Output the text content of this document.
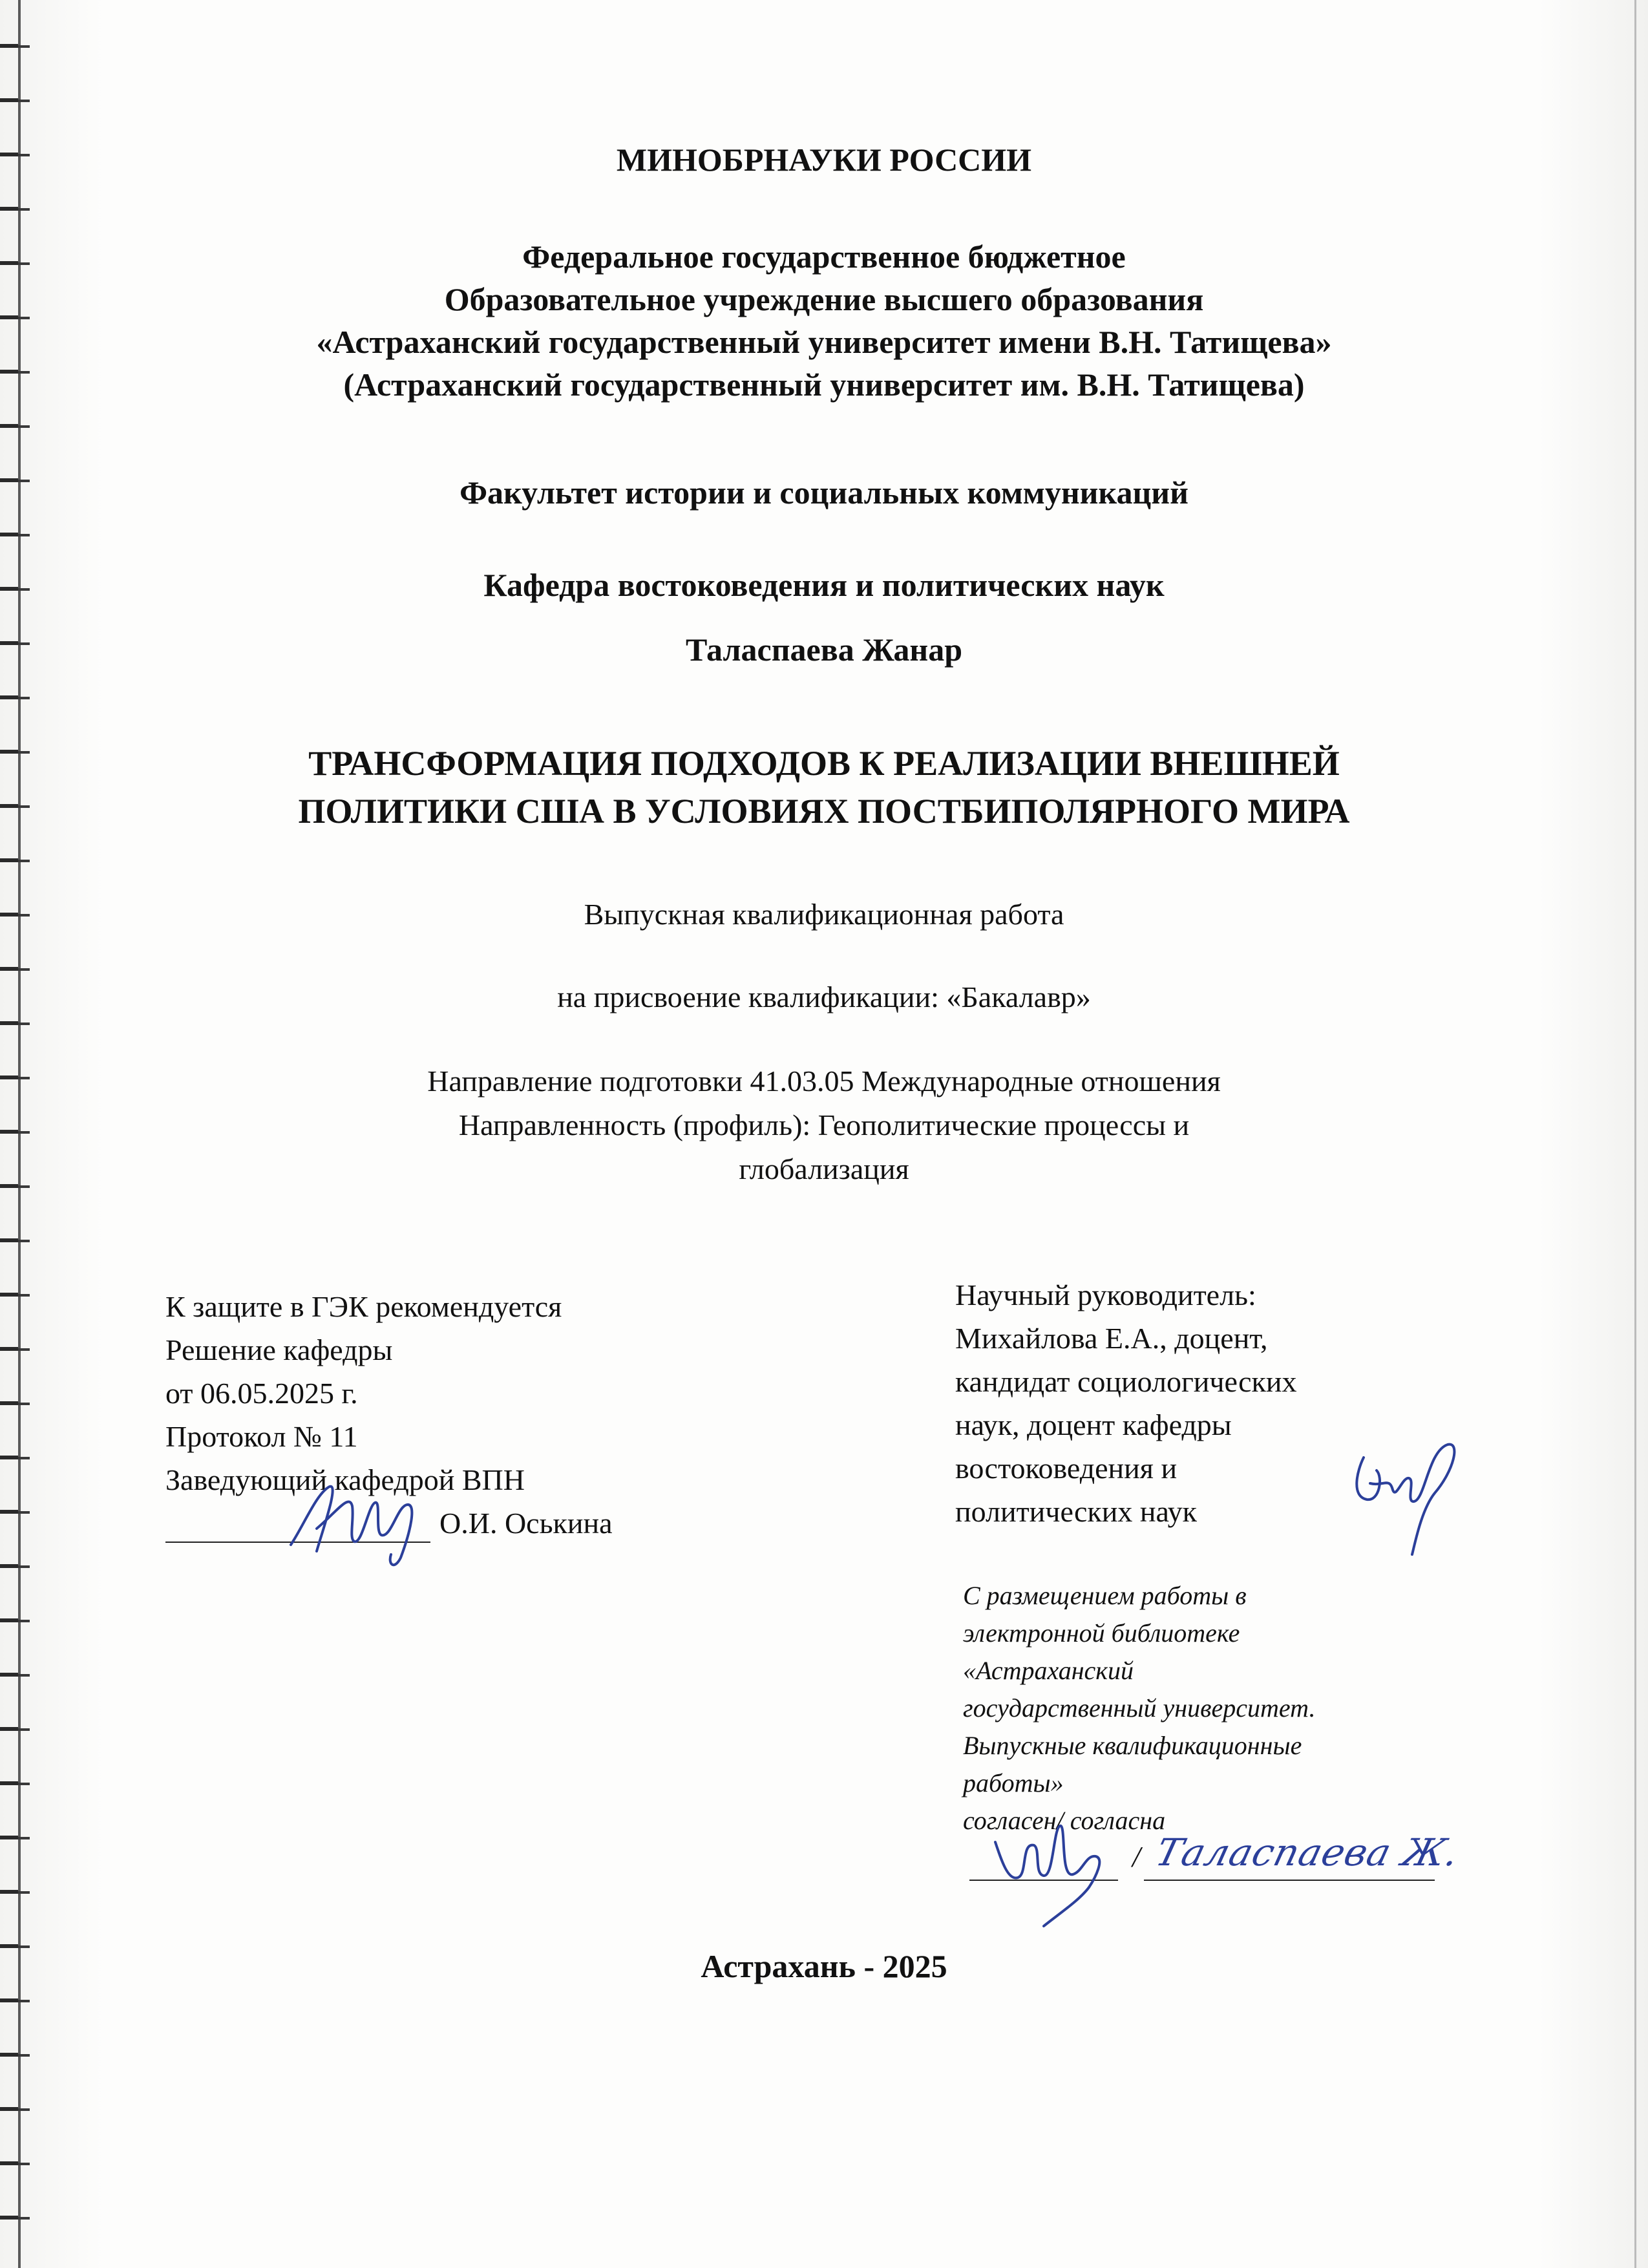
МИНОБРНАУКИ РОССИИ
Федеральное государственное бюджетное
Образовательное учреждение высшего образования
«Астраханский государственный университет имени В.Н. Татищева»
(Астраханский государственный университет им. В.Н. Татищева)
Факультет истории и социальных коммуникаций
Кафедра востоковедения и политических наук
Таласпаева Жанар
ТРАНСФОРМАЦИЯ ПОДХОДОВ К РЕАЛИЗАЦИИ ВНЕШНЕЙ
ПОЛИТИКИ США В УСЛОВИЯХ ПОСТБИПОЛЯРНОГО МИРА
Выпускная квалификационная работа
на присвоение квалификации: «Бакалавр»
Направление подготовки 41.03.05 Международные отношения
Направленность (профиль): Геополитические процессы и
глобализация
К защите в ГЭК рекомендуется
Решение кафедры
от 06.05.2025 г.
Протокол № 11
Заведующий кафедрой ВПН
О.И. Оськина
Научный руководитель:
Михайлова Е.А., доцент,
кандидат социологических
наук, доцент кафедры
востоковедения и
политических наук
С размещением работы в
электронной библиотеке
«Астраханский
государственный университет.
Выпускные квалификационные
работы»
согласен/ согласна
/ Таласпаева Ж.
Астрахань - 2025
